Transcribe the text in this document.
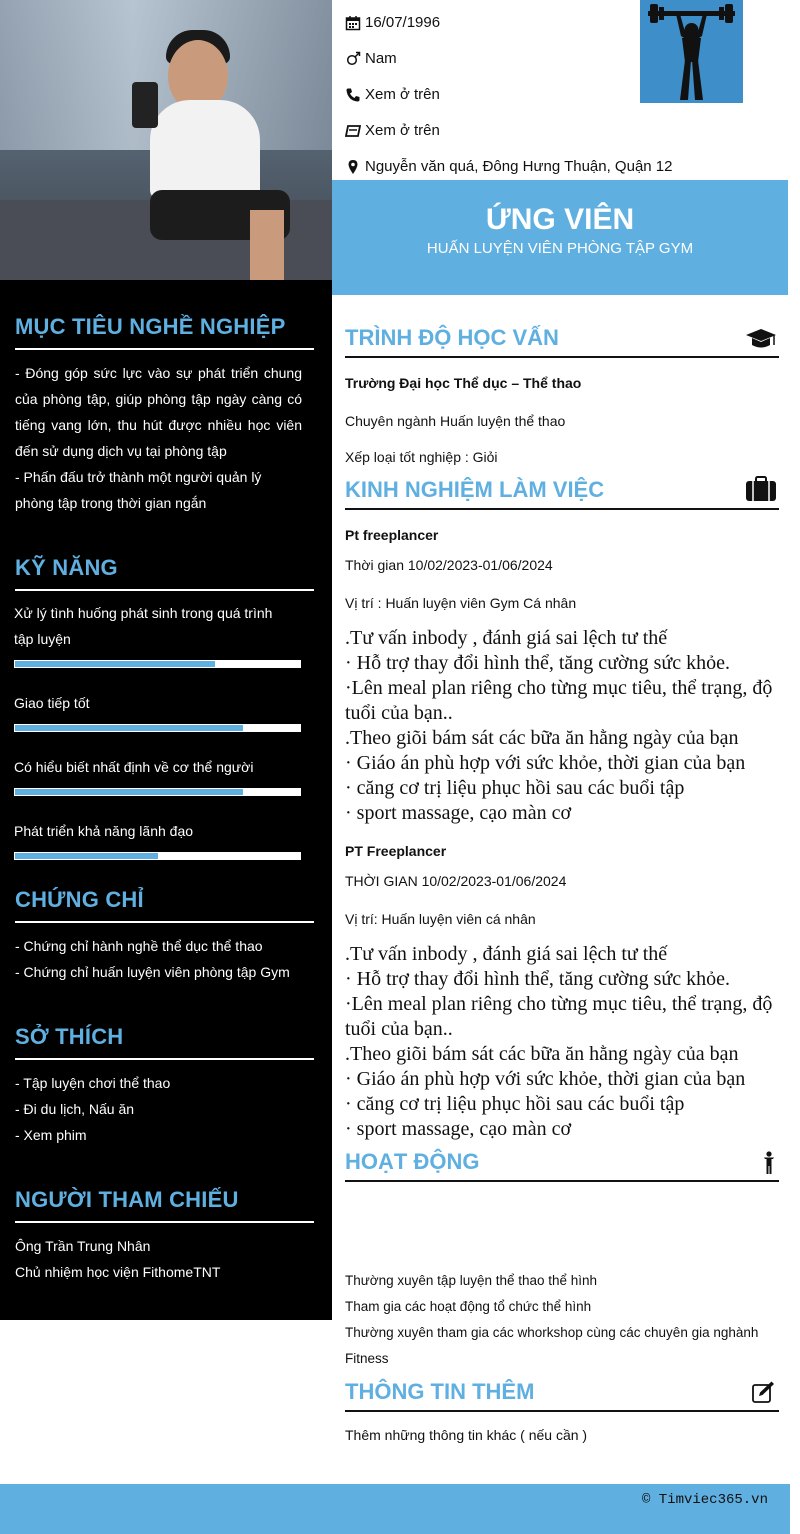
16/07/1996
Nam
Xem ở trên
Xem ở trên
Nguyễn văn quá, Đông Hưng Thuận, Quận 12
ỨNG VIÊN
HUẤN LUYỆN VIÊN PHÒNG TẬP GYM
MỤC TIÊU NGHỀ NGHIỆP

- Đóng góp sức lực vào sự phát triển chung của phòng tập, giúp phòng tập ngày càng có tiếng vang lớn, thu hút được nhiều học viên đến sử dụng dịch vụ tại phòng tập

- Phấn đấu trở thành một người quản lý phòng tập trong thời gian ngắn

KỸ NĂNG
Xử lý tình huống phát sinh trong quá trình tập luyện
Giao tiếp tốt
Có hiểu biết nhất định về cơ thể người
Phát triển khả năng lãnh đạo
CHỨNG CHỈ

- Chứng chỉ hành nghề thể dục thể thao

- Chứng chỉ huấn luyện viên phòng tập Gym

SỞ THÍCH

- Tập luyện chơi thể thao

- Đi du lịch, Nấu ăn

- Xem phim

NGƯỜI THAM CHIẾU

Ông Trần Trung Nhân

Chủ nhiệm học viện FithomeTNT

TRÌNH ĐỘ HỌC VẤN
Trường Đại học Thể dục – Thể thao
Chuyên ngành Huấn luyện thể thao
Xếp loại tốt nghiệp : Giỏi
KINH NGHIỆM LÀM VIỆC
Pt freeplancer
Thời gian 10/02/2023-01/06/2024
Vị trí : Huấn luyện viên Gym Cá nhân
.Tư vấn inbody , đánh giá sai lệch tư thế
· Hỗ trợ thay đổi hình thể, tăng cường sức khỏe.
·Lên meal plan riêng cho từng mục tiêu, thể trạng, độ tuổi của bạn..
.Theo giõi bám sát các bữa ăn hằng ngày của bạn
· Giáo án phù hợp với sức khỏe, thời gian của bạn
· căng cơ trị liệu phục hồi sau các buổi tập
· sport massage, cạo màn cơ
PT Freeplancer
THỜI GIAN 10/02/2023-01/06/2024
Vị trí: Huấn luyện viên cá nhân
.Tư vấn inbody , đánh giá sai lệch tư thế
· Hỗ trợ thay đổi hình thể, tăng cường sức khỏe.
·Lên meal plan riêng cho từng mục tiêu, thể trạng, độ tuổi của bạn..
.Theo giõi bám sát các bữa ăn hằng ngày của bạn
· Giáo án phù hợp với sức khỏe, thời gian của bạn
· căng cơ trị liệu phục hồi sau các buổi tập
· sport massage, cạo màn cơ
HOẠT ĐỘNG
Thường xuyên tập luyện thể thao thể hình
Tham gia các hoạt động tổ chức thể hình
Thường xuyên tham gia các whorkshop cùng các chuyên gia nghành Fitness
THÔNG TIN THÊM
Thêm những thông tin khác ( nếu cần )
© Timviec365.vn
